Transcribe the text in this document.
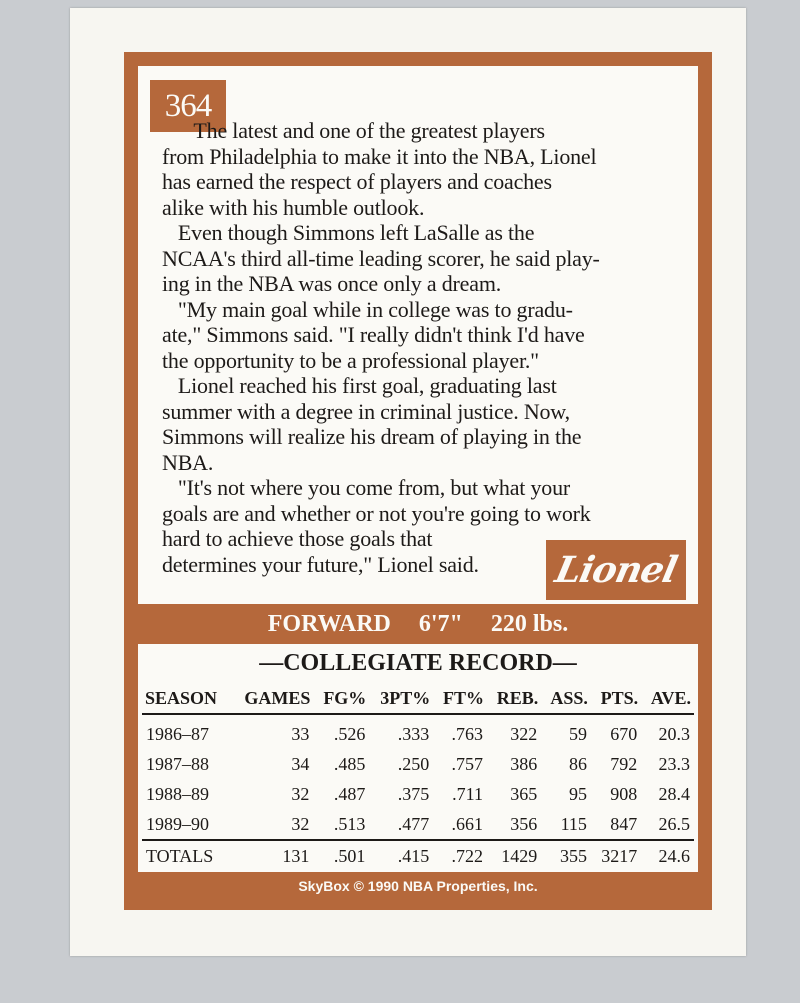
364

The latest and one of the greatest players
from Philadelphia to make it into the NBA, Lionel
has earned the respect of players and coaches
alike with his humble outlook.
Even though Simmons left LaSalle as the
NCAA's third all-time leading scorer, he said play-
ing in the NBA was once only a dream.
"My main goal while in college was to gradu-
ate," Simmons said. "I really didn't think I'd have
the opportunity to be a professional player."
Lionel reached his first goal, graduating last
summer with a degree in criminal justice. Now,
Simmons will realize his dream of playing in the
NBA.
"It's not where you come from, but what your
goals are and whether or not you're going to work
hard to achieve those goals that
determines your future," Lionel said.	Lionel
FORWARD 6'7" 220 lbs.
—COLLEGIATE RECORD—
SEASON	GAMES	FG%	3PT%	FT%	REB.	ASS.	PTS.	AVE.
1986–87	33	.526	.333	.763	322	59	670	20.3
1987–88	34	.485	.250	.757	386	86	792	23.3
1988–89	32	.487	.375	.711	365	95	908	28.4
1989–90	32	.513	.477	.661	356	115	847	26.5
TOTALS	131	.501	.415	.722	1429	355	3217	24.6
SkyBox © 1990 NBA Properties, Inc.
